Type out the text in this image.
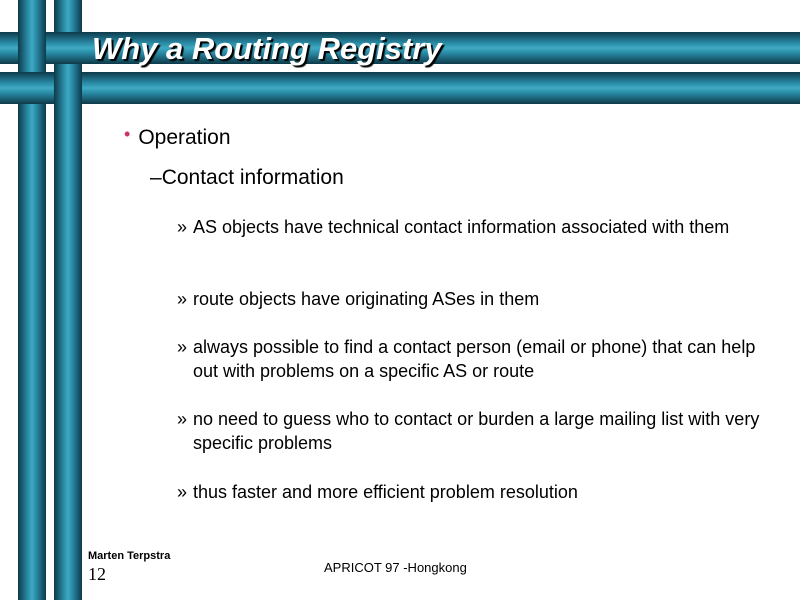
Why a Routing Registry
• Operation
–Contact information
» AS objects have technical contact information associated with them
» route objects have originating ASes in them
» always possible to find a contact person (email or phone) that can help out with problems on a specific AS or route
» no need to guess who to contact or burden a large mailing list with very specific problems
» thus faster and more efficient problem resolution
Marten Terpstra
12	APRICOT 97 -Hongkong
